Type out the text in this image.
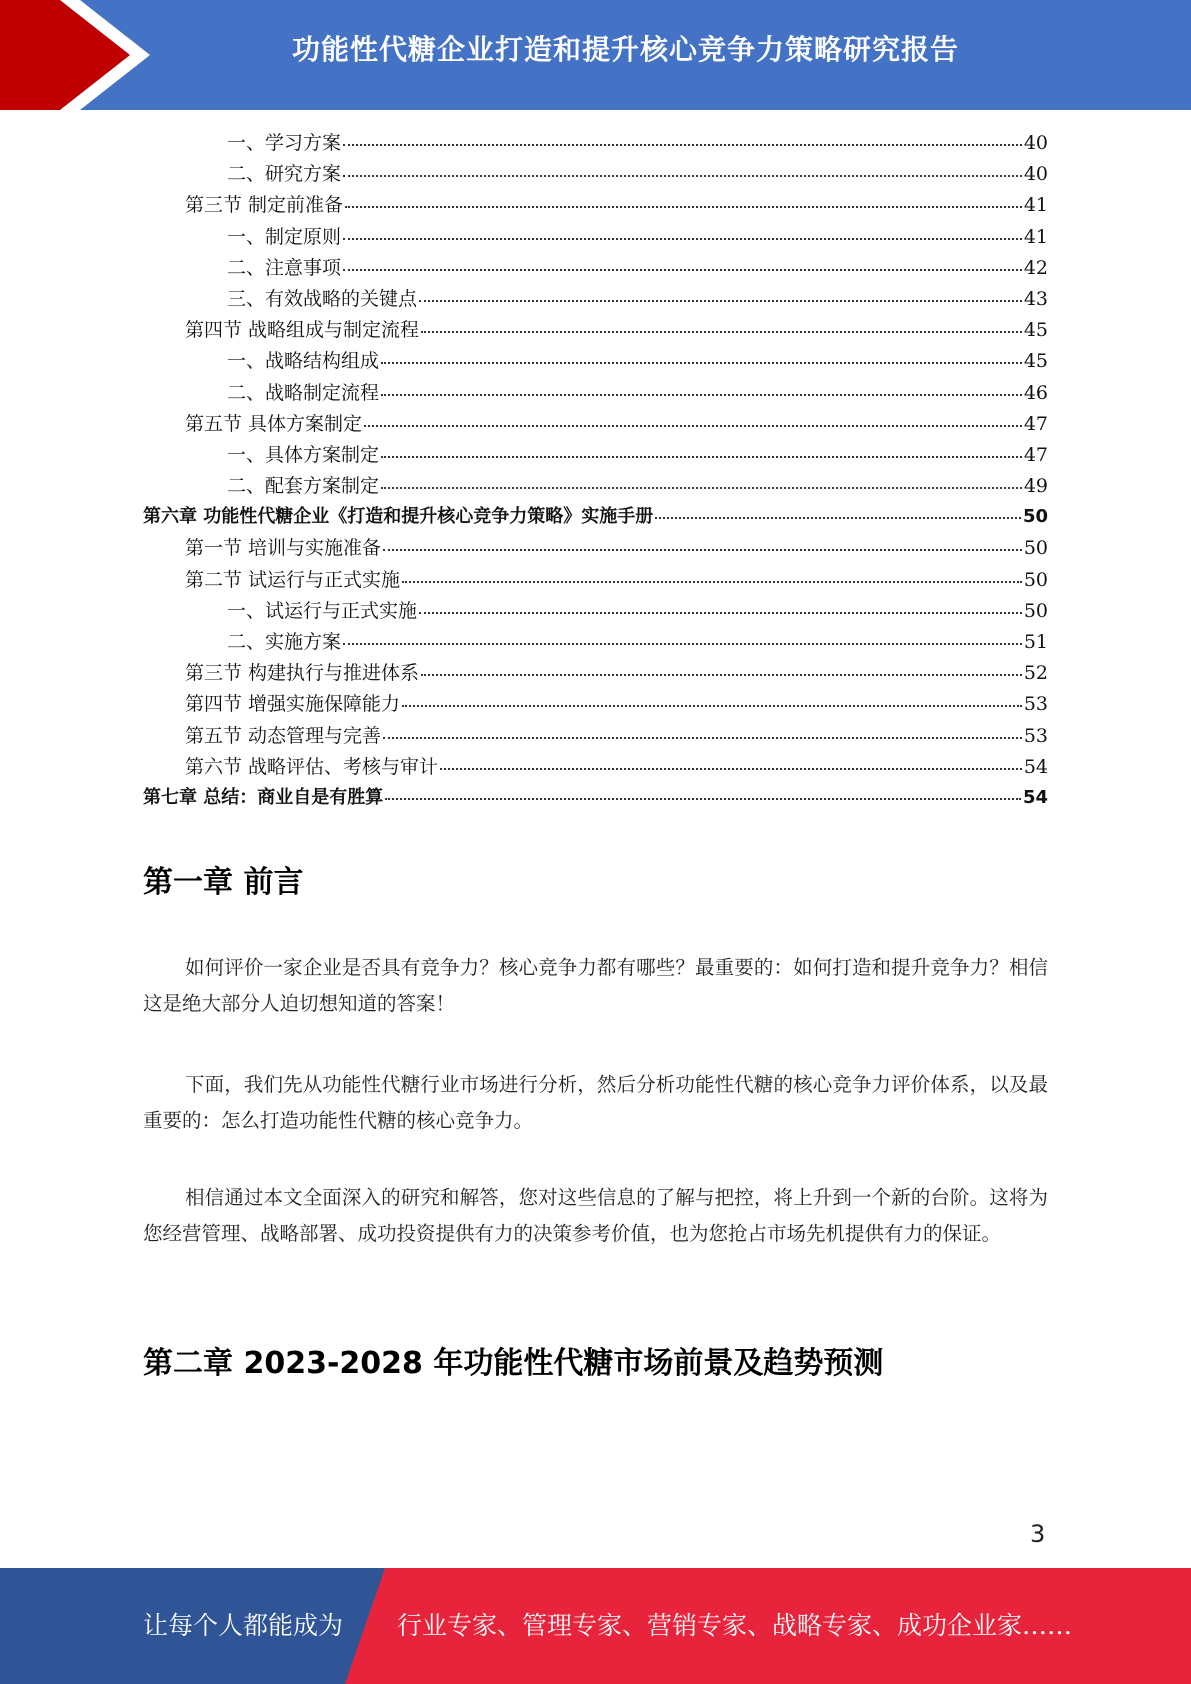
功能性代糖企业打造和提升核心竞争力策略研究报告
一、学习方案	40
二、研究方案	40
第三节 制定前准备	41
一、制定原则	41
二、注意事项	42
三、有效战略的关键点	43
第四节 战略组成与制定流程	45
一、战略结构组成	45
二、战略制定流程	46
第五节 具体方案制定	47
一、具体方案制定	47
二、配套方案制定	49
第六章 功能性代糖企业《打造和提升核心竞争力策略》实施手册	50
第一节 培训与实施准备	50
第二节 试运行与正式实施	50
一、试运行与正式实施	50
二、实施方案	51
第三节 构建执行与推进体系	52
第四节 增强实施保障能力	53
第五节 动态管理与完善	53
第六节 战略评估、考核与审计	54
第七章 总结：商业自是有胜算	54
第一章 前言
如何评价一家企业是否具有竞争力？核心竞争力都有哪些？最重要的：如何打造和提升竞争力？相信这是绝大部分人迫切想知道的答案！
下面，我们先从功能性代糖行业市场进行分析，然后分析功能性代糖的核心竞争力评价体系，以及最重要的：怎么打造功能性代糖的核心竞争力。
相信通过本文全面深入的研究和解答，您对这些信息的了解与把控，将上升到一个新的台阶。这将为您经营管理、战略部署、成功投资提供有力的决策参考价值，也为您抢占市场先机提供有力的保证。
第二章 2023-2028 年功能性代糖市场前景及趋势预测
3
让每个人都能成为 行业专家、管理专家、营销专家、战略专家、成功企业家……
